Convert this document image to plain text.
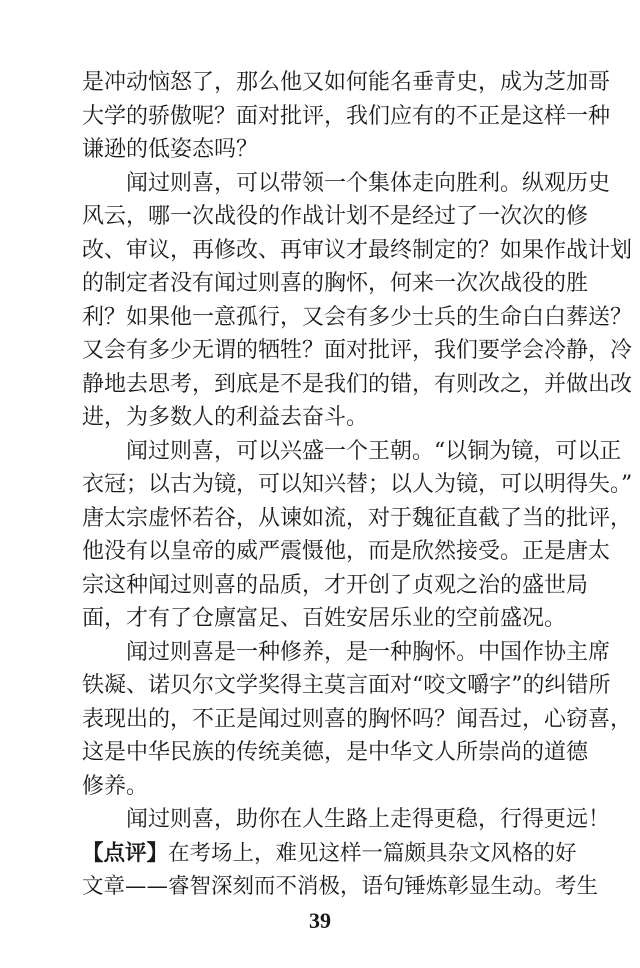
是冲动恼怒了，那么他又如何能名垂青史，成为芝加哥
大学的骄傲呢？面对批评，我们应有的不正是这样一种
谦逊的低姿态吗？
闻过则喜，可以带领一个集体走向胜利。纵观历史
风云，哪一次战役的作战计划不是经过了一次次的修
改、审议，再修改、再审议才最终制定的？如果作战计划
的制定者没有闻过则喜的胸怀，何来一次次战役的胜
利？如果他一意孤行，又会有多少士兵的生命白白葬送？
又会有多少无谓的牺牲？面对批评，我们要学会冷静，冷
静地去思考，到底是不是我们的错，有则改之，并做出改
进，为多数人的利益去奋斗。
闻过则喜，可以兴盛一个王朝。“以铜为镜，可以正
衣冠；以古为镜，可以知兴替；以人为镜，可以明得失。”
唐太宗虚怀若谷，从谏如流，对于魏征直截了当的批评，
他没有以皇帝的威严震慑他，而是欣然接受。正是唐太
宗这种闻过则喜的品质，才开创了贞观之治的盛世局
面，才有了仓廪富足、百姓安居乐业的空前盛况。
闻过则喜是一种修养，是一种胸怀。中国作协主席
铁凝、诺贝尔文学奖得主莫言面对“咬文嚼字”的纠错所
表现出的，不正是闻过则喜的胸怀吗？闻吾过，心窃喜，
这是中华民族的传统美德，是中华文人所崇尚的道德
修养。
闻过则喜，助你在人生路上走得更稳，行得更远！
【点评】在考场上，难见这样一篇颇具杂文风格的好
文章——睿智深刻而不消极，语句锤炼彰显生动。考生
39
